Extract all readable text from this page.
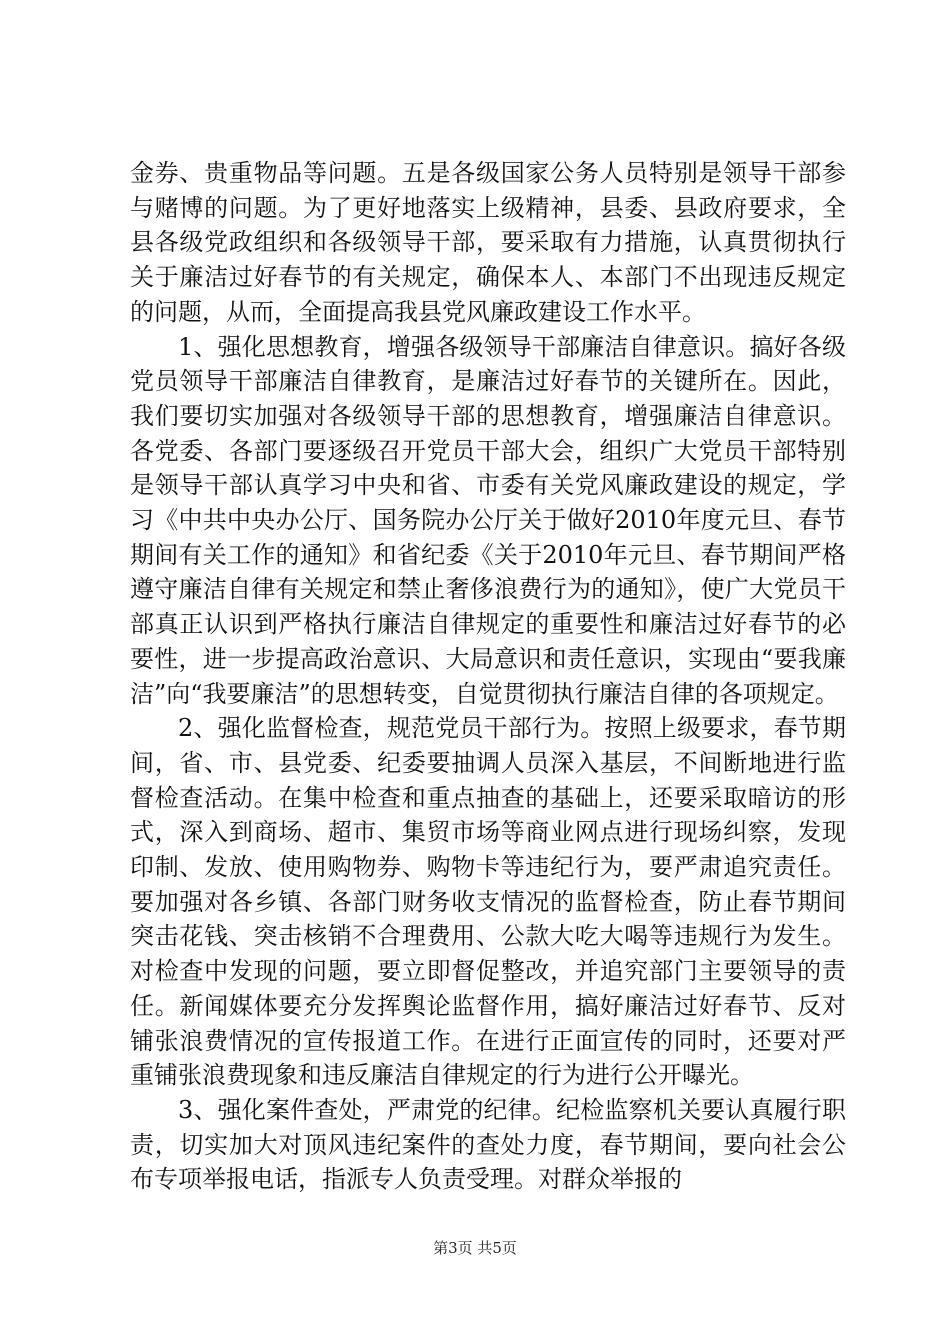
金券、贵重物品等问题。五是各级国家公务人员特别是领导干部参与赌博的问题。为了更好地落实上级精神，县委、县政府要求，全县各级党政组织和各级领导干部，要采取有力措施，认真贯彻执行关于廉洁过好春节的有关规定，确保本人、本部门不出现违反规定的问题，从而，全面提高我县党风廉政建设工作水平。

1、强化思想教育，增强各级领导干部廉洁自律意识。搞好各级党员领导干部廉洁自律教育，是廉洁过好春节的关键所在。因此，我们要切实加强对各级领导干部的思想教育，增强廉洁自律意识。各党委、各部门要逐级召开党员干部大会，组织广大党员干部特别是领导干部认真学习中央和省、市委有关党风廉政建设的规定，学习《中共中央办公厅、国务院办公厅关于做好2010年度元旦、春节期间有关工作的通知》和省纪委《关于2010年元旦、春节期间严格遵守廉洁自律有关规定和禁止奢侈浪费行为的通知》，使广大党员干部真正认识到严格执行廉洁自律规定的重要性和廉洁过好春节的必要性，进一步提高政治意识、大局意识和责任意识，实现由“要我廉洁”向“我要廉洁”的思想转变，自觉贯彻执行廉洁自律的各项规定。

2、强化监督检查，规范党员干部行为。按照上级要求，春节期间，省、市、县党委、纪委要抽调人员深入基层，不间断地进行监督检查活动。在集中检查和重点抽查的基础上，还要采取暗访的形式，深入到商场、超市、集贸市场等商业网点进行现场纠察，发现印制、发放、使用购物券、购物卡等违纪行为，要严肃追究责任。要加强对各乡镇、各部门财务收支情况的监督检查，防止春节期间突击花钱、突击核销不合理费用、公款大吃大喝等违规行为发生。对检查中发现的问题，要立即督促整改，并追究部门主要领导的责任。新闻媒体要充分发挥舆论监督作用，搞好廉洁过好春节、反对铺张浪费情况的宣传报道工作。在进行正面宣传的同时，还要对严重铺张浪费现象和违反廉洁自律规定的行为进行公开曝光。

3、强化案件查处，严肃党的纪律。纪检监察机关要认真履行职责，切实加大对顶风违纪案件的查处力度，春节期间，要向社会公布专项举报电话，指派专人负责受理。对群众举报的

第3页 共5页
